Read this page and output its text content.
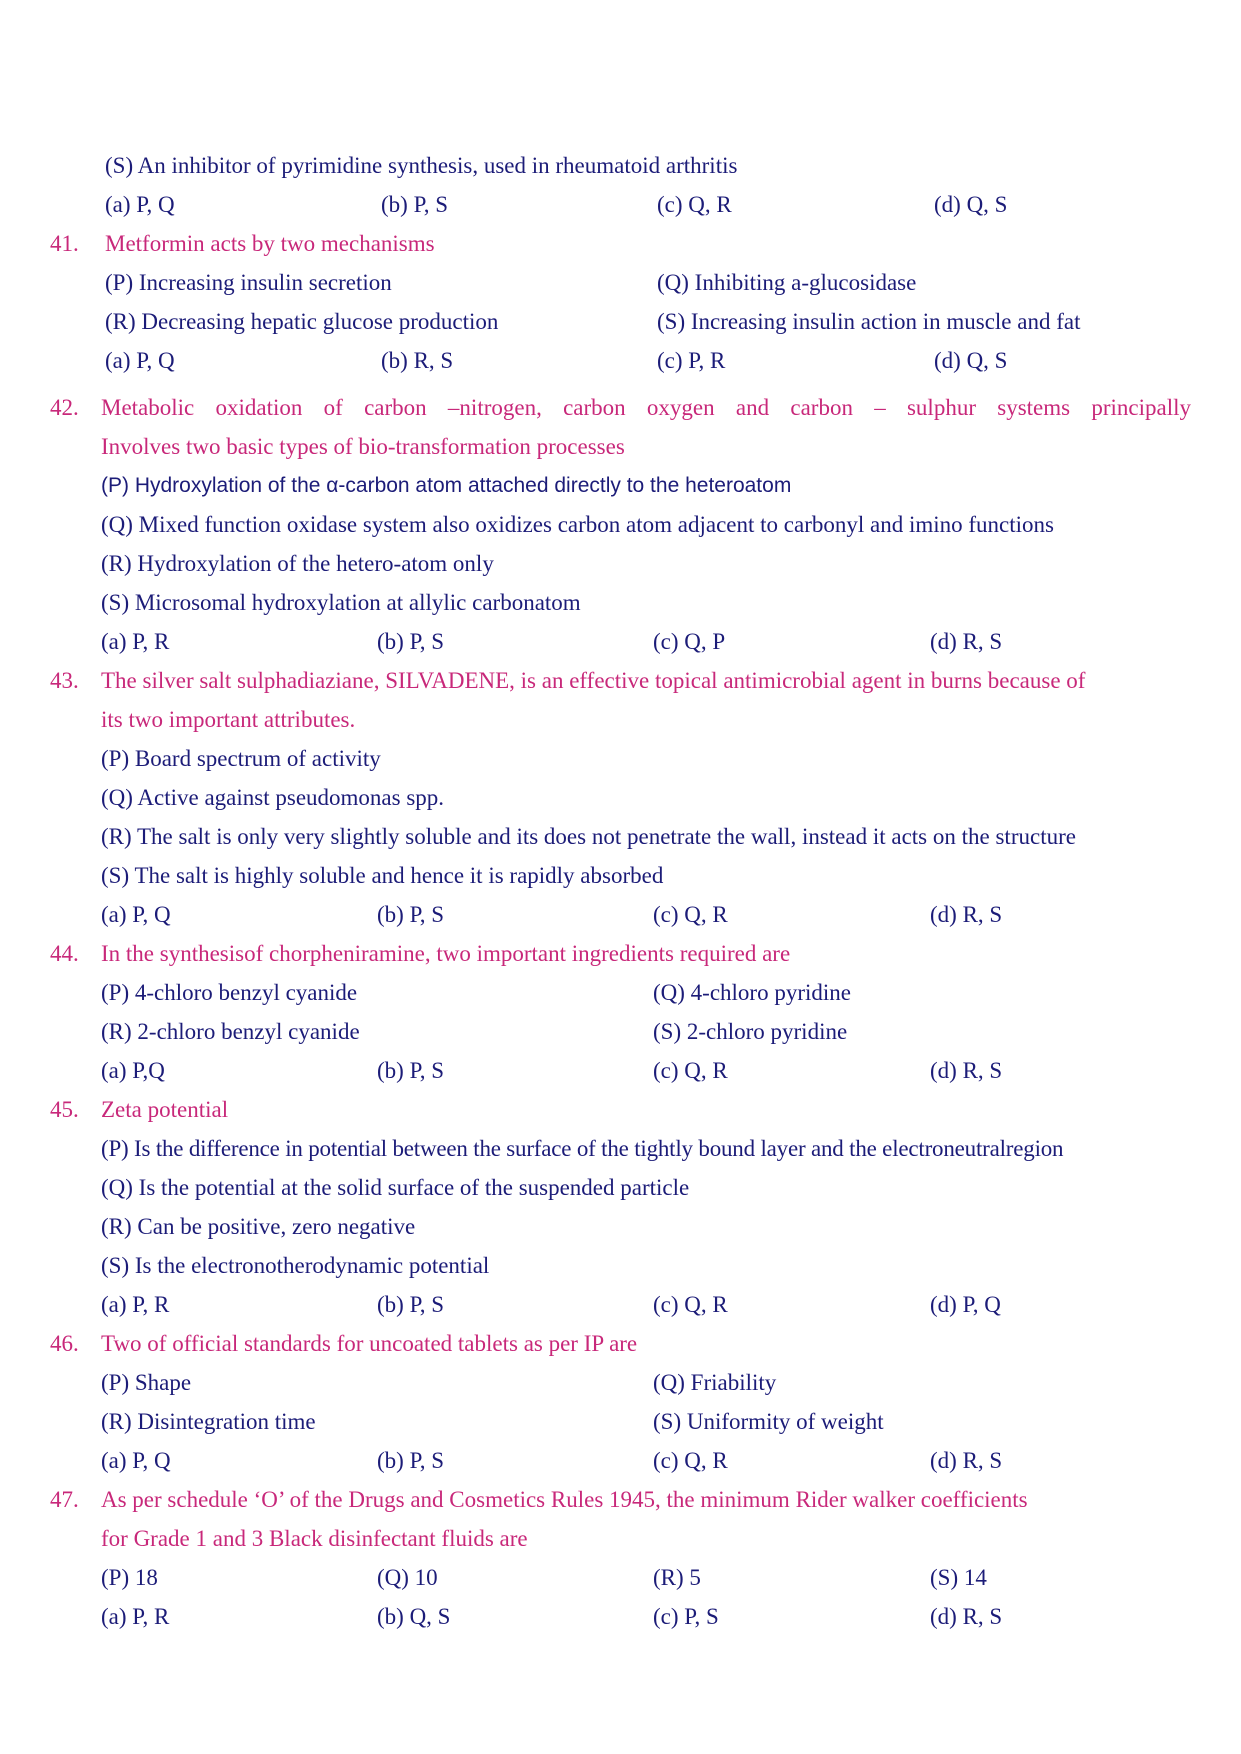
(S) An inhibitor of pyrimidine synthesis, used in rheumatoid arthritis
(a) P, Q	(b) P, S	(c) Q, R	(d) Q, S
41. Metformin acts by two mechanisms
(P) Increasing insulin secretion	(Q) Inhibiting a-glucosidase
(R) Decreasing hepatic glucose production	(S) Increasing insulin action in muscle and fat
(a) P, Q	(b) R, S	(c) P, R	(d) Q, S
42. Metabolic oxidation of carbon –nitrogen, carbon oxygen and carbon – sulphur systems principally
Involves two basic types of bio-transformation processes
(P) Hydroxylation of the α-carbon atom attached directly to the heteroatom
(Q) Mixed function oxidase system also oxidizes carbon atom adjacent to carbonyl and imino functions
(R) Hydroxylation of the hetero-atom only
(S) Microsomal hydroxylation at allylic carbonatom
(a) P, R	(b) P, S	(c) Q, P	(d) R, S
43. The silver salt sulphadiaziane, SILVADENE, is an effective topical antimicrobial agent in burns because of
its two important attributes.
(P) Board spectrum of activity
(Q) Active against pseudomonas spp.
(R) The salt is only very slightly soluble and its does not penetrate the wall, instead it acts on the structure
(S) The salt is highly soluble and hence it is rapidly absorbed
(a) P, Q	(b) P, S	(c) Q, R	(d) R, S
44. In the synthesisof chorpheniramine, two important ingredients required are
(P) 4-chloro benzyl cyanide	(Q) 4-chloro pyridine
(R) 2-chloro benzyl cyanide	(S) 2-chloro pyridine
(a) P,Q	(b) P, S	(c) Q, R	(d) R, S
45. Zeta potential
(P) Is the difference in potential between the surface of the tightly bound layer and the electroneutralregion
(Q) Is the potential at the solid surface of the suspended particle
(R) Can be positive, zero negative
(S) Is the electronotherodynamic potential
(a) P, R	(b) P, S	(c) Q, R	(d) P, Q
46. Two of official standards for uncoated tablets as per IP are
(P) Shape	(Q) Friability
(R) Disintegration time	(S) Uniformity of weight
(a) P, Q	(b) P, S	(c) Q, R	(d) R, S
47. As per schedule ‘O’ of the Drugs and Cosmetics Rules 1945, the minimum Rider walker coefficients
for Grade 1 and 3 Black disinfectant fluids are
(P) 18	(Q) 10	(R) 5	(S) 14
(a) P, R	(b) Q, S	(c) P, S	(d) R, S
